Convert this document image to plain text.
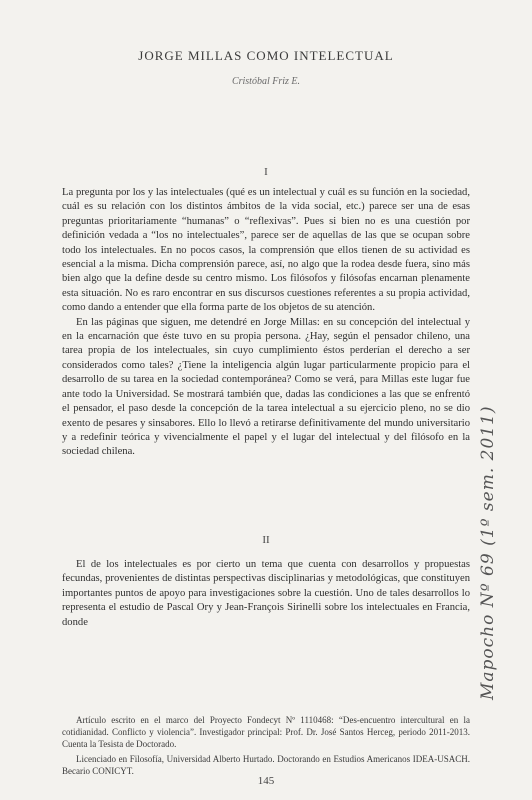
JORGE MILLAS COMO INTELECTUAL
Cristóbal Friz E.
I

La pregunta por los y las intelectuales (qué es un intelectual y cuál es su función en la sociedad, cuál es su relación con los distintos ámbitos de la vida social, etc.) parece ser una de esas preguntas prioritariamente “humanas” o “reflexivas”. Pues si bien no es una cuestión por definición vedada a “los no intelectuales”, parece ser de aquellas de las que se ocupan sobre todo los intelectuales. En no pocos casos, la comprensión que ellos tienen de su actividad es esencial a la misma. Dicha comprensión parece, así, no algo que la rodea desde fuera, sino más bien algo que la define desde su centro mismo. Los filósofos y filósofas encarnan plenamente esta situación. No es raro encontrar en sus discursos cuestiones referentes a su propia actividad, como dando a entender que ella forma parte de los objetos de su atención.

En las páginas que siguen, me detendré en Jorge Millas: en su concepción del intelectual y en la encarnación que éste tuvo en su propia persona. ¿Hay, según el pensador chileno, una tarea propia de los intelectuales, sin cuyo cumplimiento éstos perderían el derecho a ser considerados como tales? ¿Tiene la inteligencia algún lugar particularmente propicio para el desarrollo de su tarea en la sociedad contemporánea? Como se verá, para Millas este lugar fue ante todo la Universidad. Se mostrará también que, dadas las condiciones a las que se enfrentó el pensador, el paso desde la concepción de la tarea intelectual a su ejercicio pleno, no se dio exento de pesares y sinsabores. Ello lo llevó a retirarse definitivamente del mundo universitario y a redefinir teórica y vivencialmente el papel y el lugar del intelectual y del filósofo en la sociedad chilena.

II

El de los intelectuales es por cierto un tema que cuenta con desarrollos y propuestas fecundas, provenientes de distintas perspectivas disciplinarias y metodológicas, que constituyen importantes puntos de apoyo para investigaciones sobre la cuestión. Uno de tales desarrollos lo representa el estudio de Pascal Ory y Jean-François Sirinelli sobre los intelectuales en Francia, donde

Artículo escrito en el marco del Proyecto Fondecyt Nº 1110468: “Des-encuentro intercultural en la cotidianidad. Conflicto y violencia”. Investigador principal: Prof. Dr. José Santos Herceg, periodo 2011-2013. Cuenta la Tesista de Doctorado.

Licenciado en Filosofía, Universidad Alberto Hurtado. Doctorando en Estudios Americanos IDEA-USACH. Becario CONICYT.

145
Mapocho Nº 69 (1º sem. 2011)
